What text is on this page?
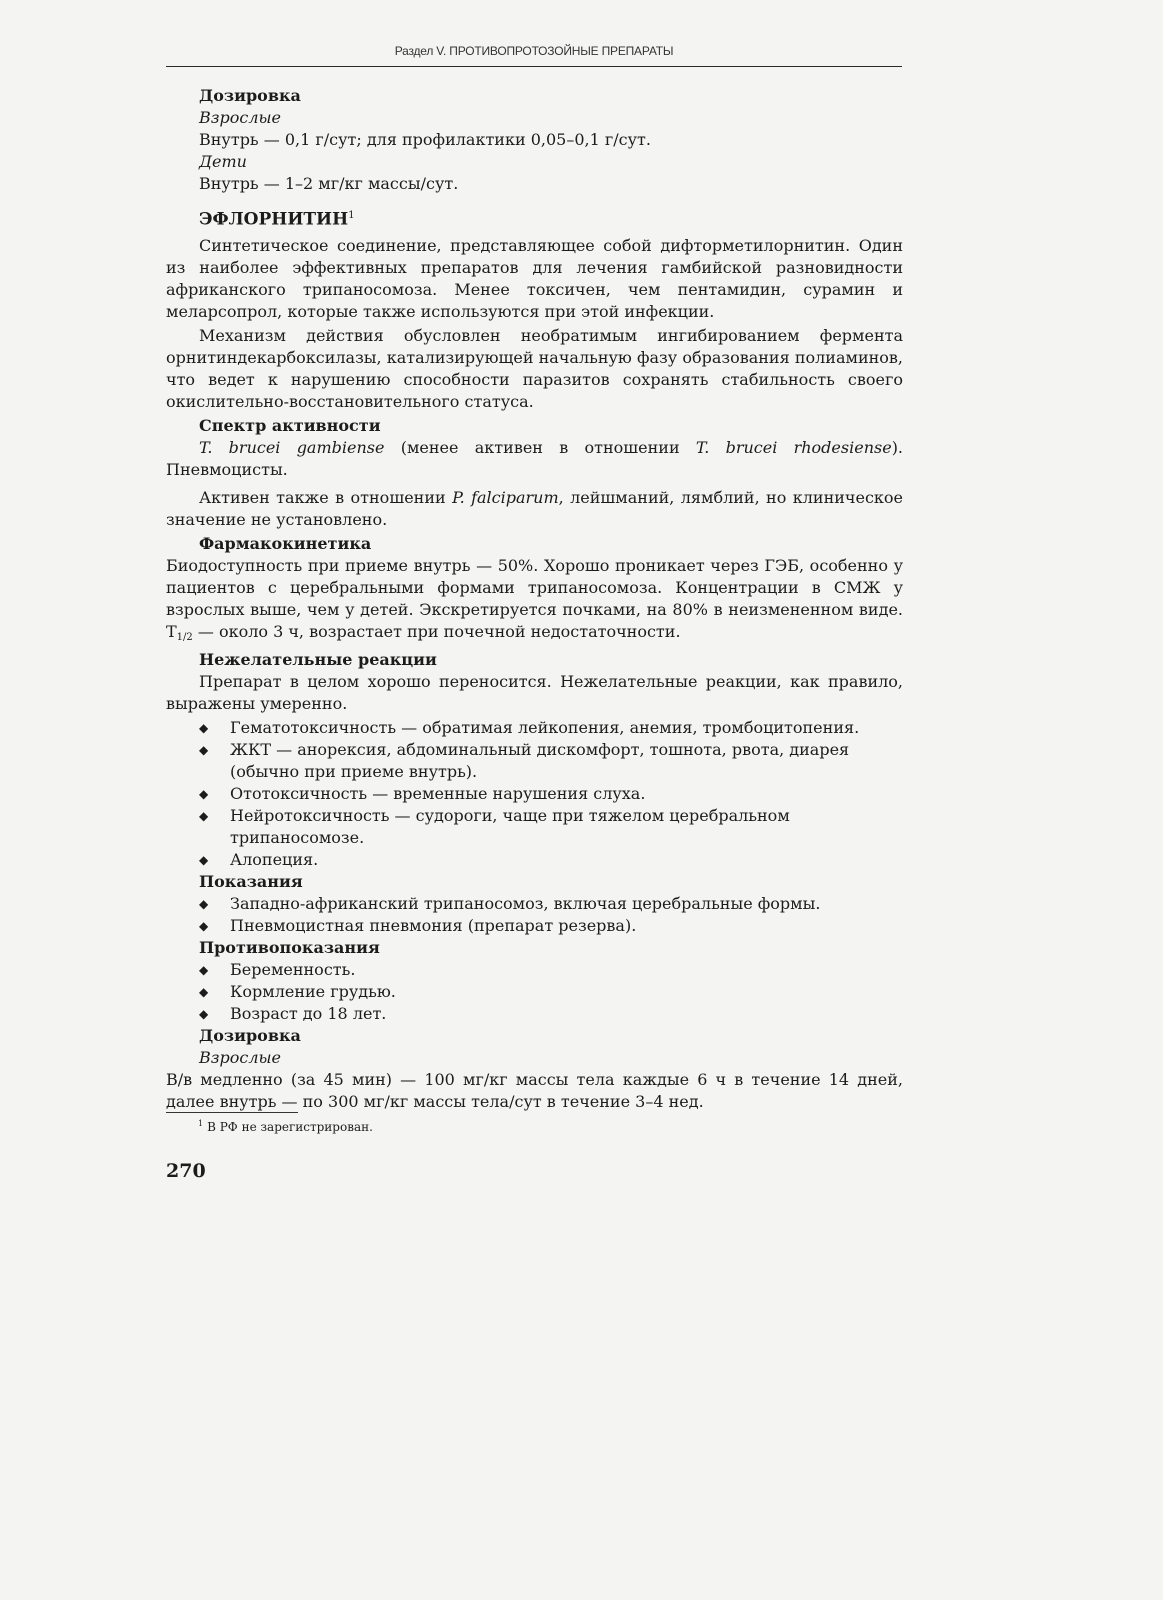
Раздел V. ПРОТИВОПРОТОЗОЙНЫЕ ПРЕПАРАТЫ

Дозировка

Взрослые

Внутрь — 0,1 г/сут; для профилактики 0,05–0,1 г/сут.

Дети

Внутрь — 1–2 мг/кг массы/сут.

ЭФЛОРНИТИН$^1$

Синтетическое соединение, представляющее собой дифторметилорнитин. Один из наиболее эффективных препаратов для лечения гамбийской разновидности африканского трипаносомоза. Менее токсичен, чем пентамидин, сурамин и меларсопрол, которые также используются при этой инфекции.

Механизм действия обусловлен необратимым ингибированием фермента орнитиндекарбоксилазы, катализирующей начальную фазу образования полиаминов, что ведет к нарушению способности паразитов сохранять стабильность своего окислительно-восстановительного статуса.

Спектр активности

T. brucei gambiense (менее активен в отношении T. brucei rhodesiense). Пневмоцисты.

Активен также в отношении P. falciparum, лейшманий, лямблий, но клиническое значение не установлено.

Фармакокинетика

Биодоступность при приеме внутрь — 50%. Хорошо проникает через ГЭБ, особенно у пациентов с церебральными формами трипаносомоза. Концентрации в СМЖ у взрослых выше, чем у детей. Экскретируется почками, на 80% в неизмененном виде. Т1/2 — около 3 ч, возрастает при почечной недостаточности.

Нежелательные реакции

Препарат в целом хорошо переносится. Нежелательные реакции, как правило, выражены умеренно.

◆ Гематотоксичность — обратимая лейкопения, анемия, тромбоцитопения.
◆ ЖКТ — анорексия, абдоминальный дискомфорт, тошнота, рвота, диарея (обычно при приеме внутрь).
◆ Ототоксичность — временные нарушения слуха.
◆ Нейротоксичность — судороги, чаще при тяжелом церебральном трипаносомозе.
◆ Алопеция.

Показания

◆ Западно-африканский трипаносомоз, включая церебральные формы.
◆ Пневмоцистная пневмония (препарат резерва).

Противопоказания

◆ Беременность.
◆ Кормление грудью.
◆ Возраст до 18 лет.

Дозировка

Взрослые

В/в медленно (за 45 мин) — 100 мг/кг массы тела каждые 6 ч в течение 14 дней, далее внутрь — по 300 мг/кг массы тела/сут в течение 3–4 нед.

$^1$ В РФ не зарегистрирован.
270
